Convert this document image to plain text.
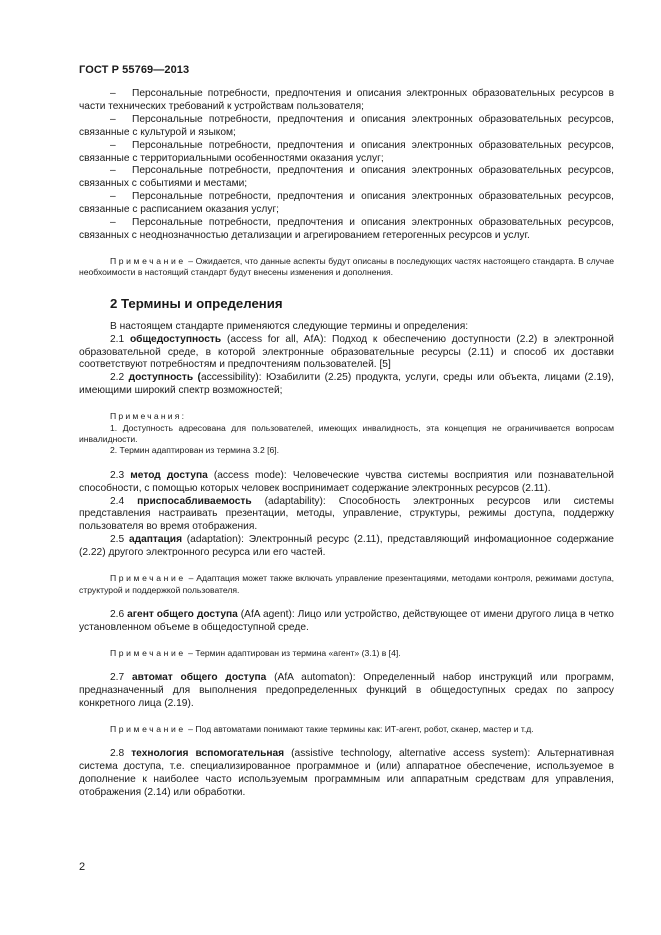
ГОСТ Р 55769—2013

– Персональные потребности, предпочтения и описания электронных образовательных ресурсов в части технических требований к устройствам пользователя;

– Персональные потребности, предпочтения и описания электронных образовательных ресурсов, связанные с культурой и языком;

– Персональные потребности, предпочтения и описания электронных образовательных ресурсов, связанные с территориальными особенностями оказания услуг;

– Персональные потребности, предпочтения и описания электронных образовательных ресурсов, связанных с событиями и местами;

– Персональные потребности, предпочтения и описания электронных образовательных ресурсов, связанные с расписанием оказания услуг;

– Персональные потребности, предпочтения и описания электронных образовательных ресурсов, связанных с неоднозначностью детализации и агрегированием гетерогенных ресурсов и услуг.

Примечание – Ожидается, что данные аспекты будут описаны в последующих частях настоящего стандарта. В случае необхоимости в настоящий стандарт будут внесены изменения и дополнения.

2 Термины и определения

В настоящем стандарте применяются следующие термины и определения:

2.1 общедоступность (access for all, AfA): Подход к обеспечению доступности (2.2) в электронной образовательной среде, в которой электронные образовательные ресурсы (2.11) и способ их доставки соответствуют потребностям и предпочтениям пользователей. [5]

2.2 доступность (accessibility): Юзабилити (2.25) продукта, услуги, среды или объекта, лицами (2.19), имеющими широкий спектр возможностей;

Примечания:

1. Доступность адресована для пользователей, имеющих инвалидность, эта концепция не ограничивается вопросам инвалидности.

2. Термин адаптирован из термина 3.2 [6].

2.3 метод доступа (access mode): Человеческие чувства системы восприятия или познавательной способности, с помощью которых человек воспринимает содержание электронных ресурсов (2.11).

2.4 приспосабливаемость (adaptability): Способность электронных ресурсов или системы представления настраивать презентации, методы, управление, структуры, режимы доступа, поддержку пользователя во время отображения.

2.5 адаптация (adaptation): Электронный ресурс (2.11), представляющий инфомационное содержание (2.22) другого электронного ресурса или его частей.

Примечание – Адаптация может также включать управление презентациями, методами контроля, режимами доступа, структурой и поддержкой пользователя.

2.6 агент общего доступа (AfA agent): Лицо или устройство, действующее от имени другого лица в четко установленном объеме в общедоступной среде.

Примечание – Термин адаптирован из термина «агент» (3.1) в [4].

2.7 автомат общего доступа (AfA automaton): Определенный набор инструкций или программ, предназначенный для выполнения предопределенных функций в общедоступных средах по запросу конкретного лица (2.19).

Примечание – Под автоматами понимают такие термины как: ИТ-агент, робот, сканер, мастер и т.д.

2.8 технология вспомогательная (assistive technology, alternative access system): Альтернативная система доступа, т.е. специализированное программное и (или) аппаратное обеспечение, используемое в дополнение к наиболее часто используемым программным или аппаратным средствам для управления, отображения (2.14) или обработки.

2
